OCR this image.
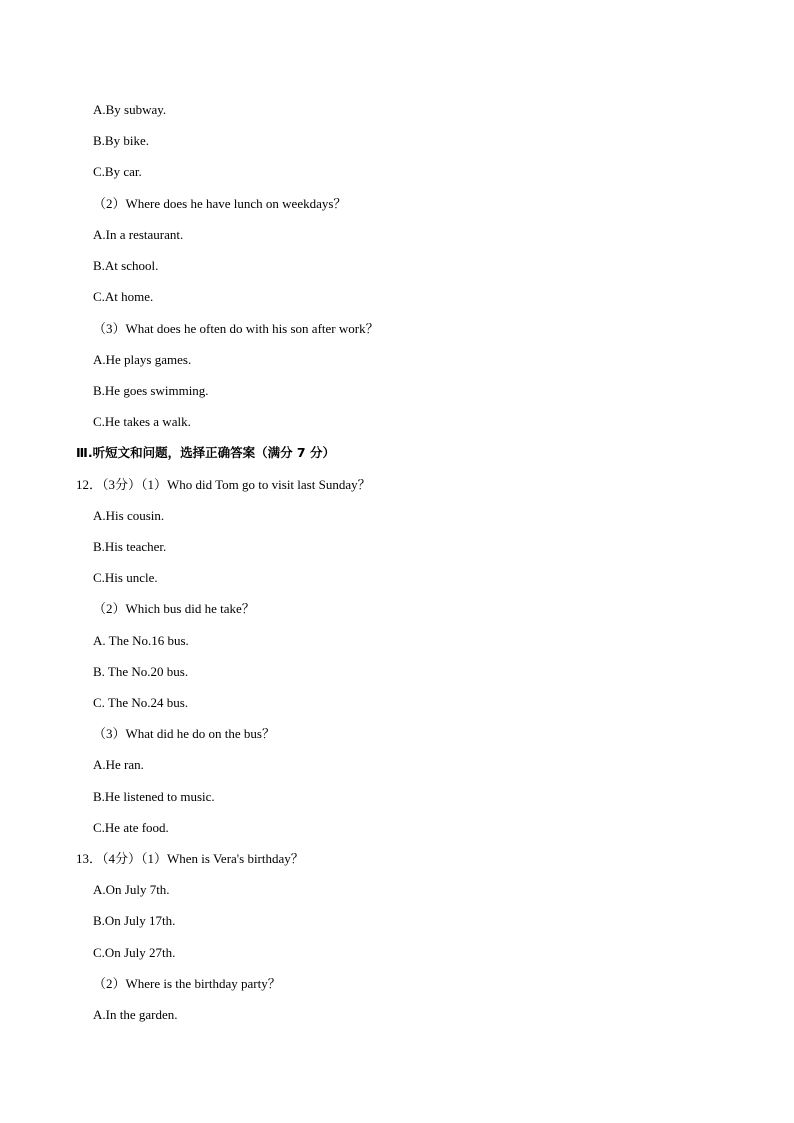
A.By subway.
B.By bike.
C.By car.
（2）Where does he have lunch on weekdays？
A.In a restaurant.
B.At school.
C.At home.
（3）What does he often do with his son after work？
A.He plays games.
B.He goes swimming.
C.He takes a walk.
Ⅲ.听短文和问题，选择正确答案（满分 7 分）
12．（3分）（1）Who did Tom go to visit last Sunday？
A.His cousin.
B.His teacher.
C.His uncle.
（2）Which bus did he take？
A. The No.16 bus.
B. The No.20 bus.
C. The No.24 bus.
（3）What did he do on the bus？
A.He ran.
B.He listened to music.
C.He ate food.
13．（4分）（1）When is Vera's birthday？
A.On July 7th.
B.On July 17th.
C.On July 27th.
（2）Where is the birthday party？
A.In the garden.
